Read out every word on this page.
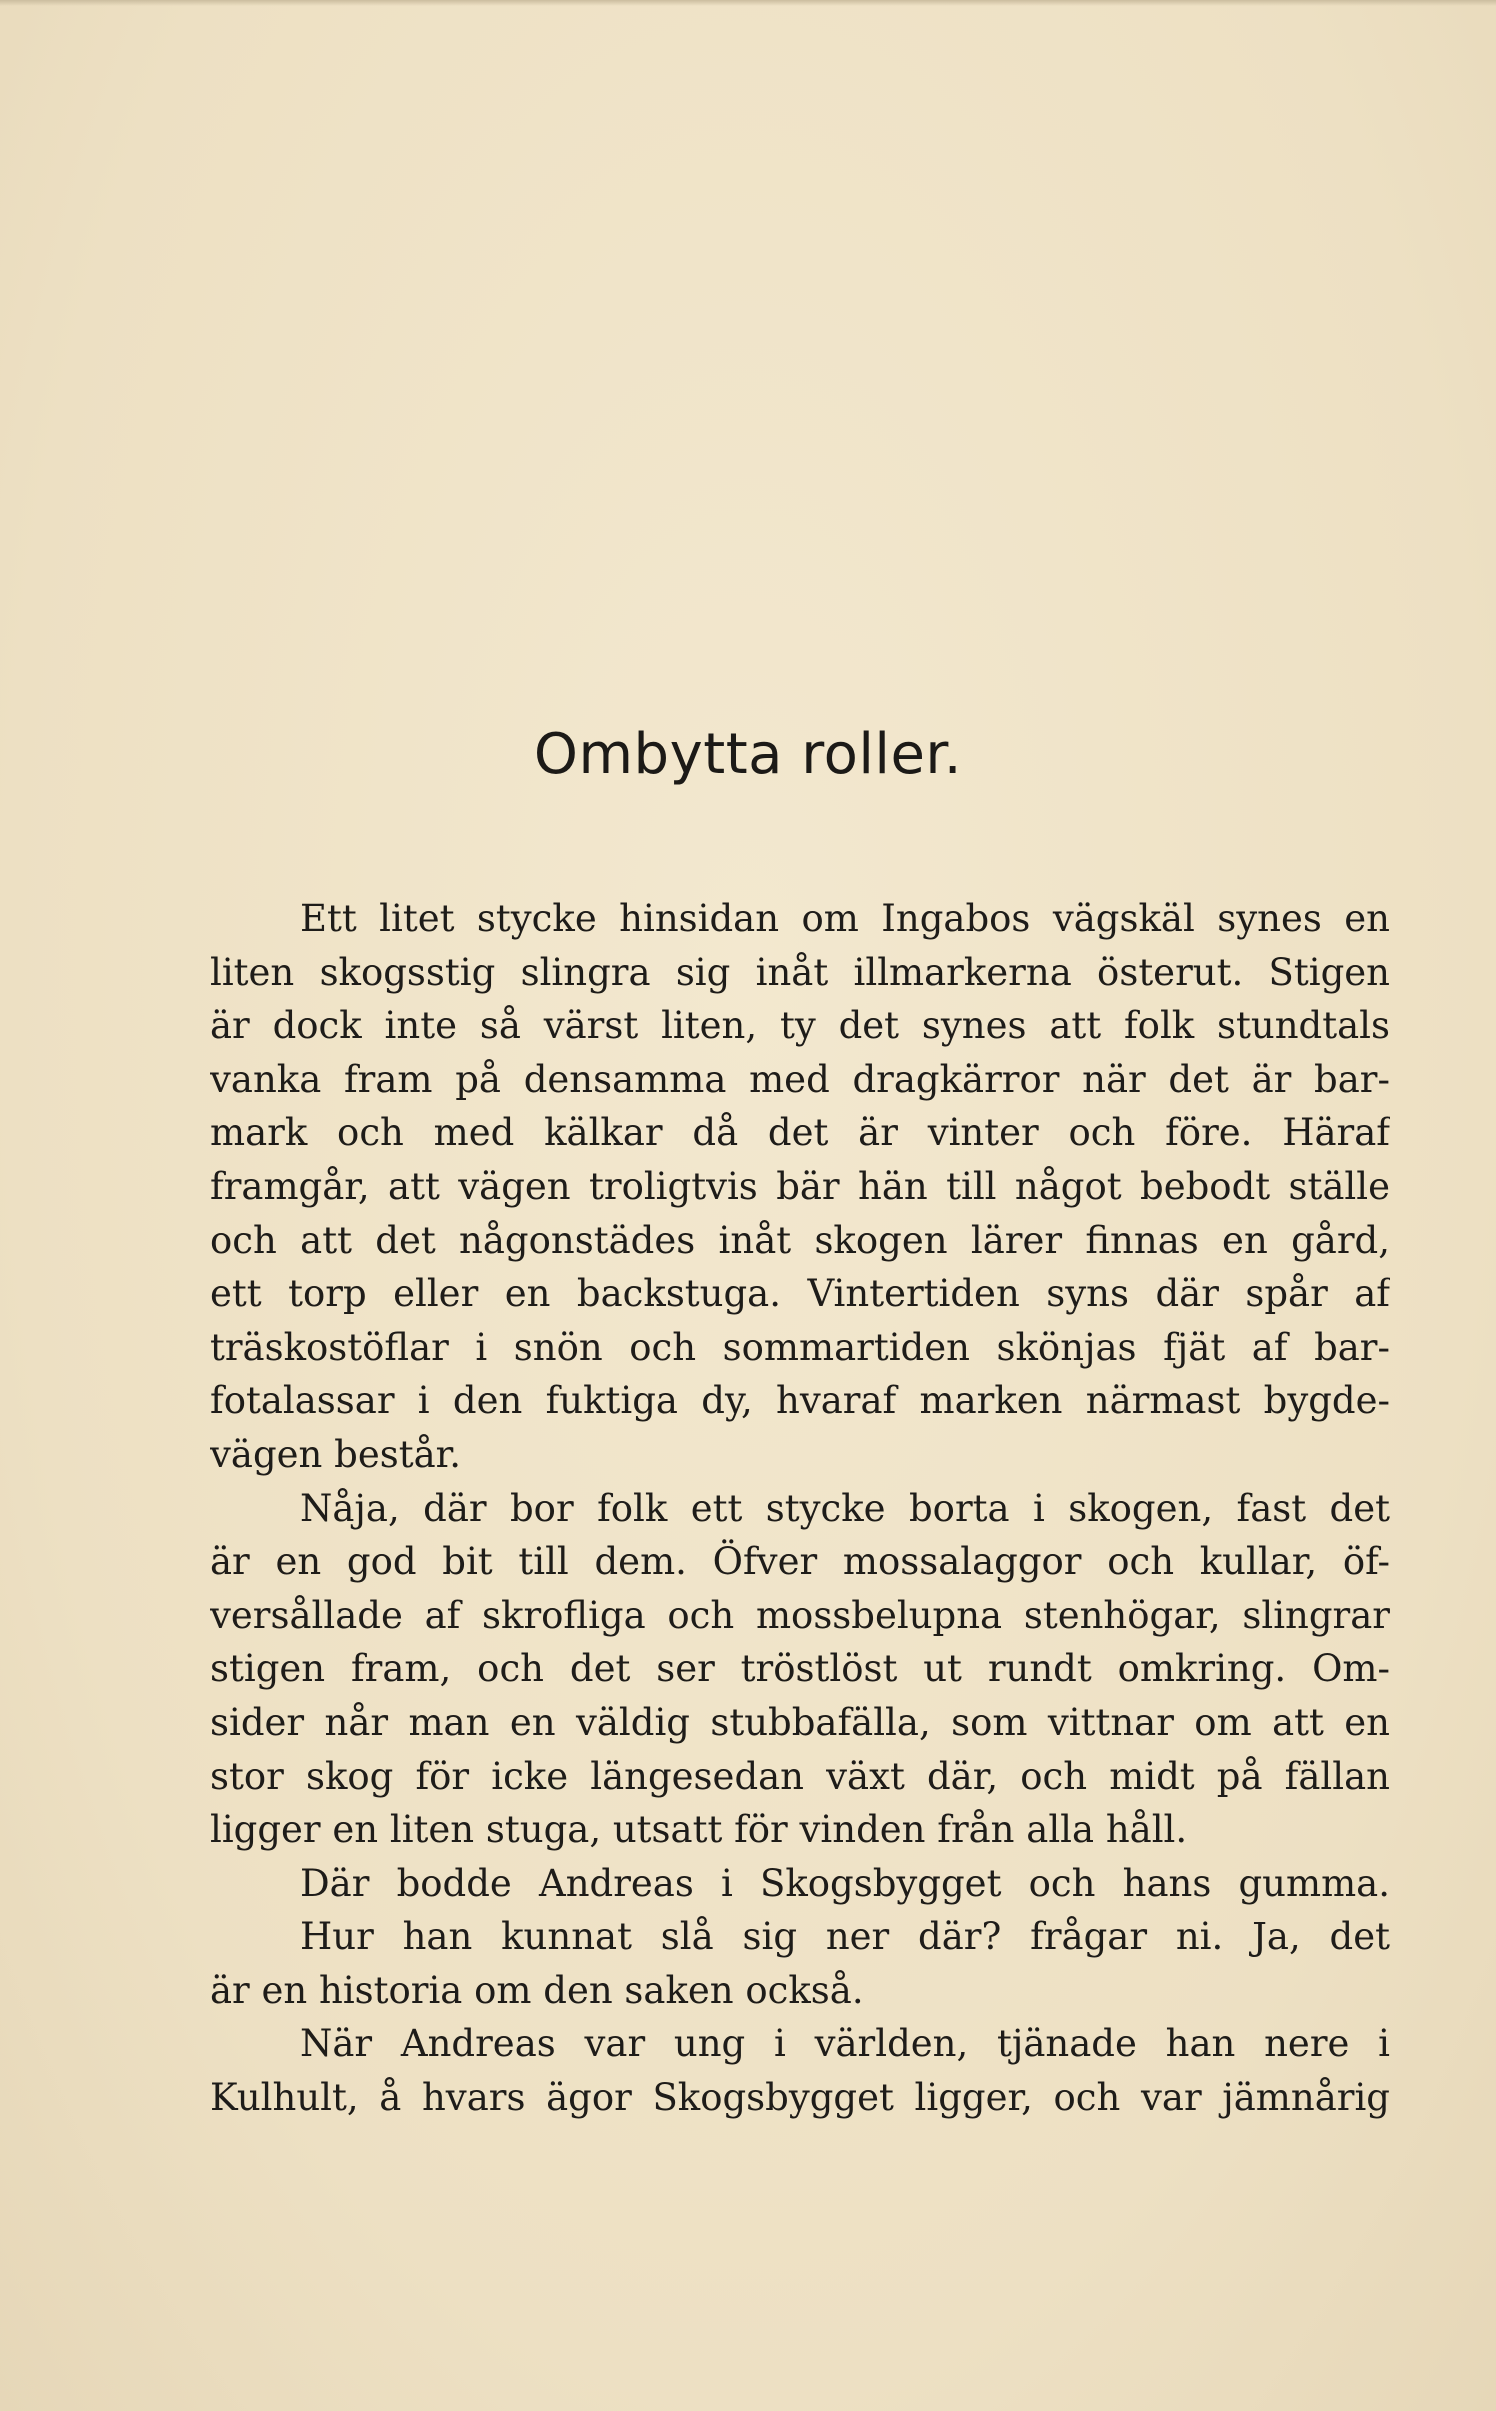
Ombytta roller.
Ett litet stycke hinsidan om Ingabos vägskäl synes en
liten skogsstig slingra sig inåt illmarkerna österut. Stigen
är dock inte så värst liten, ty det synes att folk stundtals
vanka fram på densamma med dragkärror när det är bar-
mark och med kälkar då det är vinter och före. Häraf
framgår, att vägen troligtvis bär hän till något bebodt ställe
och att det någonstädes inåt skogen lärer finnas en gård,
ett torp eller en backstuga. Vintertiden syns där spår af
träskostöflar i snön och sommartiden skönjas fjät af bar-
fotalassar i den fuktiga dy, hvaraf marken närmast bygde-
vägen består.
Nåja, där bor folk ett stycke borta i skogen, fast det
är en god bit till dem. Öfver mossalaggor och kullar, öf-
versållade af skrofliga och mossbelupna stenhögar, slingrar
stigen fram, och det ser tröstlöst ut rundt omkring. Om-
sider når man en väldig stubbafälla, som vittnar om att en
stor skog för icke längesedan växt där, och midt på fällan
ligger en liten stuga, utsatt för vinden från alla håll.
Där bodde Andreas i Skogsbygget och hans gumma.
Hur han kunnat slå sig ner där? frågar ni. Ja, det
är en historia om den saken också.
När Andreas var ung i världen, tjänade han nere i
Kulhult, å hvars ägor Skogsbygget ligger, och var jämnårig
